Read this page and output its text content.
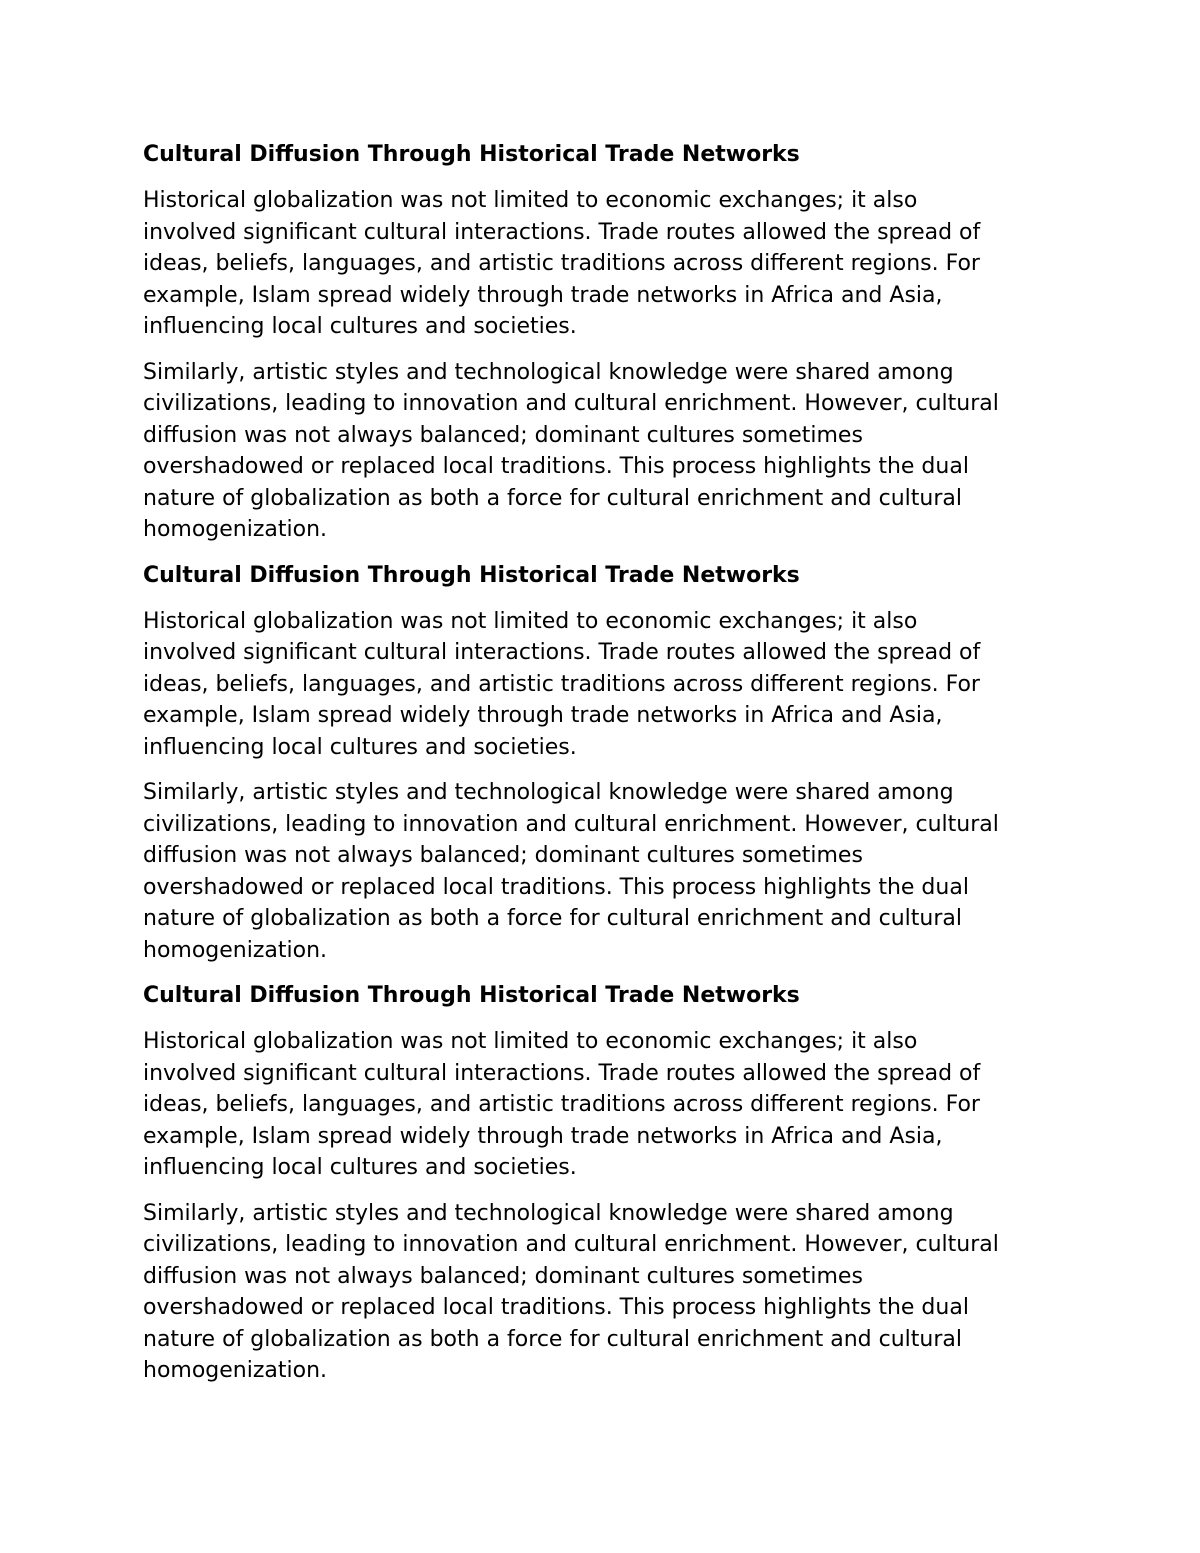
Cultural Diffusion Through Historical Trade Networks
Historical globalization was not limited to economic exchanges; it also
involved significant cultural interactions. Trade routes allowed the spread of
ideas, beliefs, languages, and artistic traditions across different regions. For
example, Islam spread widely through trade networks in Africa and Asia,
influencing local cultures and societies.
Similarly, artistic styles and technological knowledge were shared among
civilizations, leading to innovation and cultural enrichment. However, cultural
diffusion was not always balanced; dominant cultures sometimes
overshadowed or replaced local traditions. This process highlights the dual
nature of globalization as both a force for cultural enrichment and cultural
homogenization.
Cultural Diffusion Through Historical Trade Networks
Historical globalization was not limited to economic exchanges; it also
involved significant cultural interactions. Trade routes allowed the spread of
ideas, beliefs, languages, and artistic traditions across different regions. For
example, Islam spread widely through trade networks in Africa and Asia,
influencing local cultures and societies.
Similarly, artistic styles and technological knowledge were shared among
civilizations, leading to innovation and cultural enrichment. However, cultural
diffusion was not always balanced; dominant cultures sometimes
overshadowed or replaced local traditions. This process highlights the dual
nature of globalization as both a force for cultural enrichment and cultural
homogenization.
Cultural Diffusion Through Historical Trade Networks
Historical globalization was not limited to economic exchanges; it also
involved significant cultural interactions. Trade routes allowed the spread of
ideas, beliefs, languages, and artistic traditions across different regions. For
example, Islam spread widely through trade networks in Africa and Asia,
influencing local cultures and societies.
Similarly, artistic styles and technological knowledge were shared among
civilizations, leading to innovation and cultural enrichment. However, cultural
diffusion was not always balanced; dominant cultures sometimes
overshadowed or replaced local traditions. This process highlights the dual
nature of globalization as both a force for cultural enrichment and cultural
homogenization.
